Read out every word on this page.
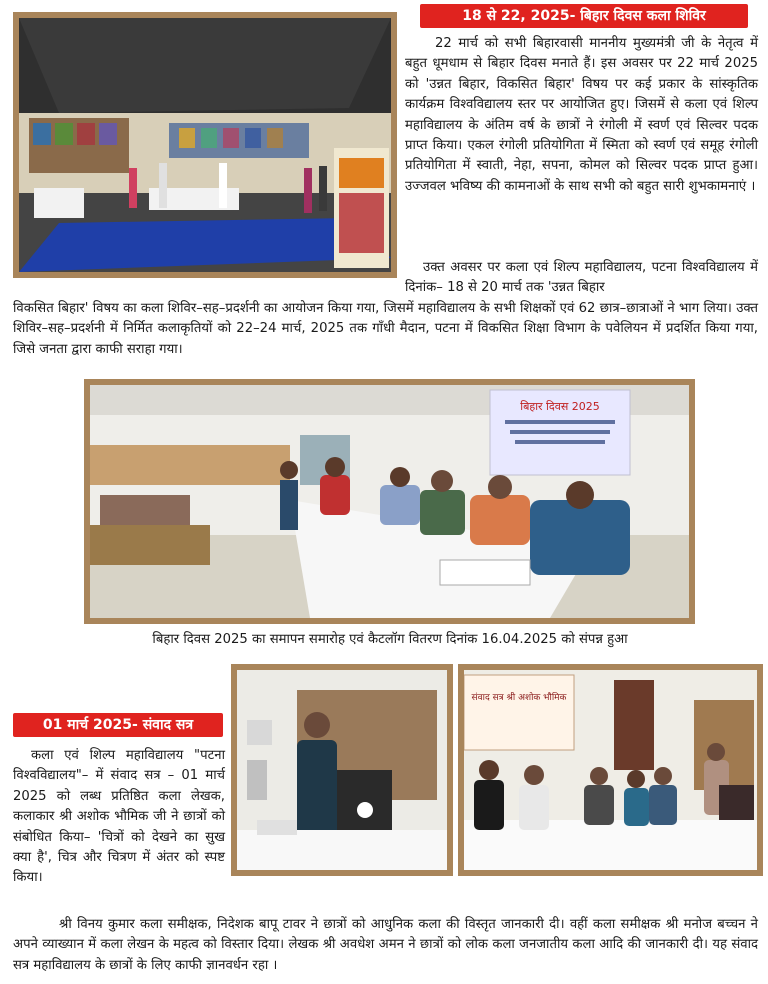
18 से 22, 2025- बिहार दिवस कला शिविर

22 मार्च को सभी बिहारवासी माननीय मुख्यमंत्री जी के नेतृत्व में बहुत धूमधाम से बिहार दिवस मनाते हैं। इस अवसर पर 22 मार्च 2025 को 'उन्नत बिहार, विकसित बिहार' विषय पर कई प्रकार के सांस्कृतिक कार्यक्रम विश्वविद्यालय स्तर पर आयोजित हुए। जिसमें से कला एवं शिल्प महाविद्यालय के अंतिम वर्ष के छात्रों ने रंगोली में स्वर्ण एवं सिल्वर पदक प्राप्त किया। एकल रंगोली प्रतियोगिता में स्मिता को स्वर्ण एवं समूह रंगोली प्रतियोगिता में स्वाती, नेहा, सपना, कोमल को सिल्वर पदक प्राप्त हुआ। उज्जवल भविष्य की कामनाओं के साथ सभी को बहुत सारी शुभकामनाएं ।

उक्त अवसर पर कला एवं शिल्प महाविद्यालय, पटना विश्वविद्यालय में दिनांक– 18 से 20 मार्च तक 'उन्नत बिहार

विकसित बिहार' विषय का कला शिविर–सह–प्रदर्शनी का आयोजन किया गया, जिसमें महाविद्यालय के सभी शिक्षकों एवं 62 छात्र–छात्राओं ने भाग लिया। उक्त शिविर–सह–प्रदर्शनी में निर्मित कलाकृतियों को 22–24 मार्च, 2025 तक गाँधी मैदान, पटना में विकसित शिक्षा विभाग के पवेलियन में प्रदर्शित किया गया, जिसे जनता द्वारा काफी सराहा गया।

बिहार दिवस 2025
बिहार दिवस 2025 का समापन समारोह एवं कैटलॉग वितरण दिनांक 16.04.2025 को संपन्न हुआ
संवाद सत्र श्री अशोक भौमिक
01 मार्च 2025- संवाद सत्र

कला एवं शिल्प महाविद्यालय "पटना विश्वविद्यालय"– में संवाद सत्र – 01 मार्च 2025 को लब्ध प्रतिष्ठित कला लेखक, कलाकार श्री अशोक भौमिक जी ने छात्रों को संबोधित किया– 'चित्रों को देखने का सुख क्या है', चित्र और चित्रण में अंतर को स्पष्ट किया।

श्री विनय कुमार कला समीक्षक, निदेशक बापू टावर ने छात्रों को आधुनिक कला की विस्तृत जानकारी दी। वहीं कला समीक्षक श्री मनोज बच्चन ने अपने व्याख्यान में कला लेखन के महत्व को विस्तार दिया। लेखक श्री अवधेश अमन ने छात्रों को लोक कला जनजातीय कला आदि की जानकारी दी। यह संवाद सत्र महाविद्यालय के छात्रों के लिए काफी ज्ञानवर्धन रहा ।
